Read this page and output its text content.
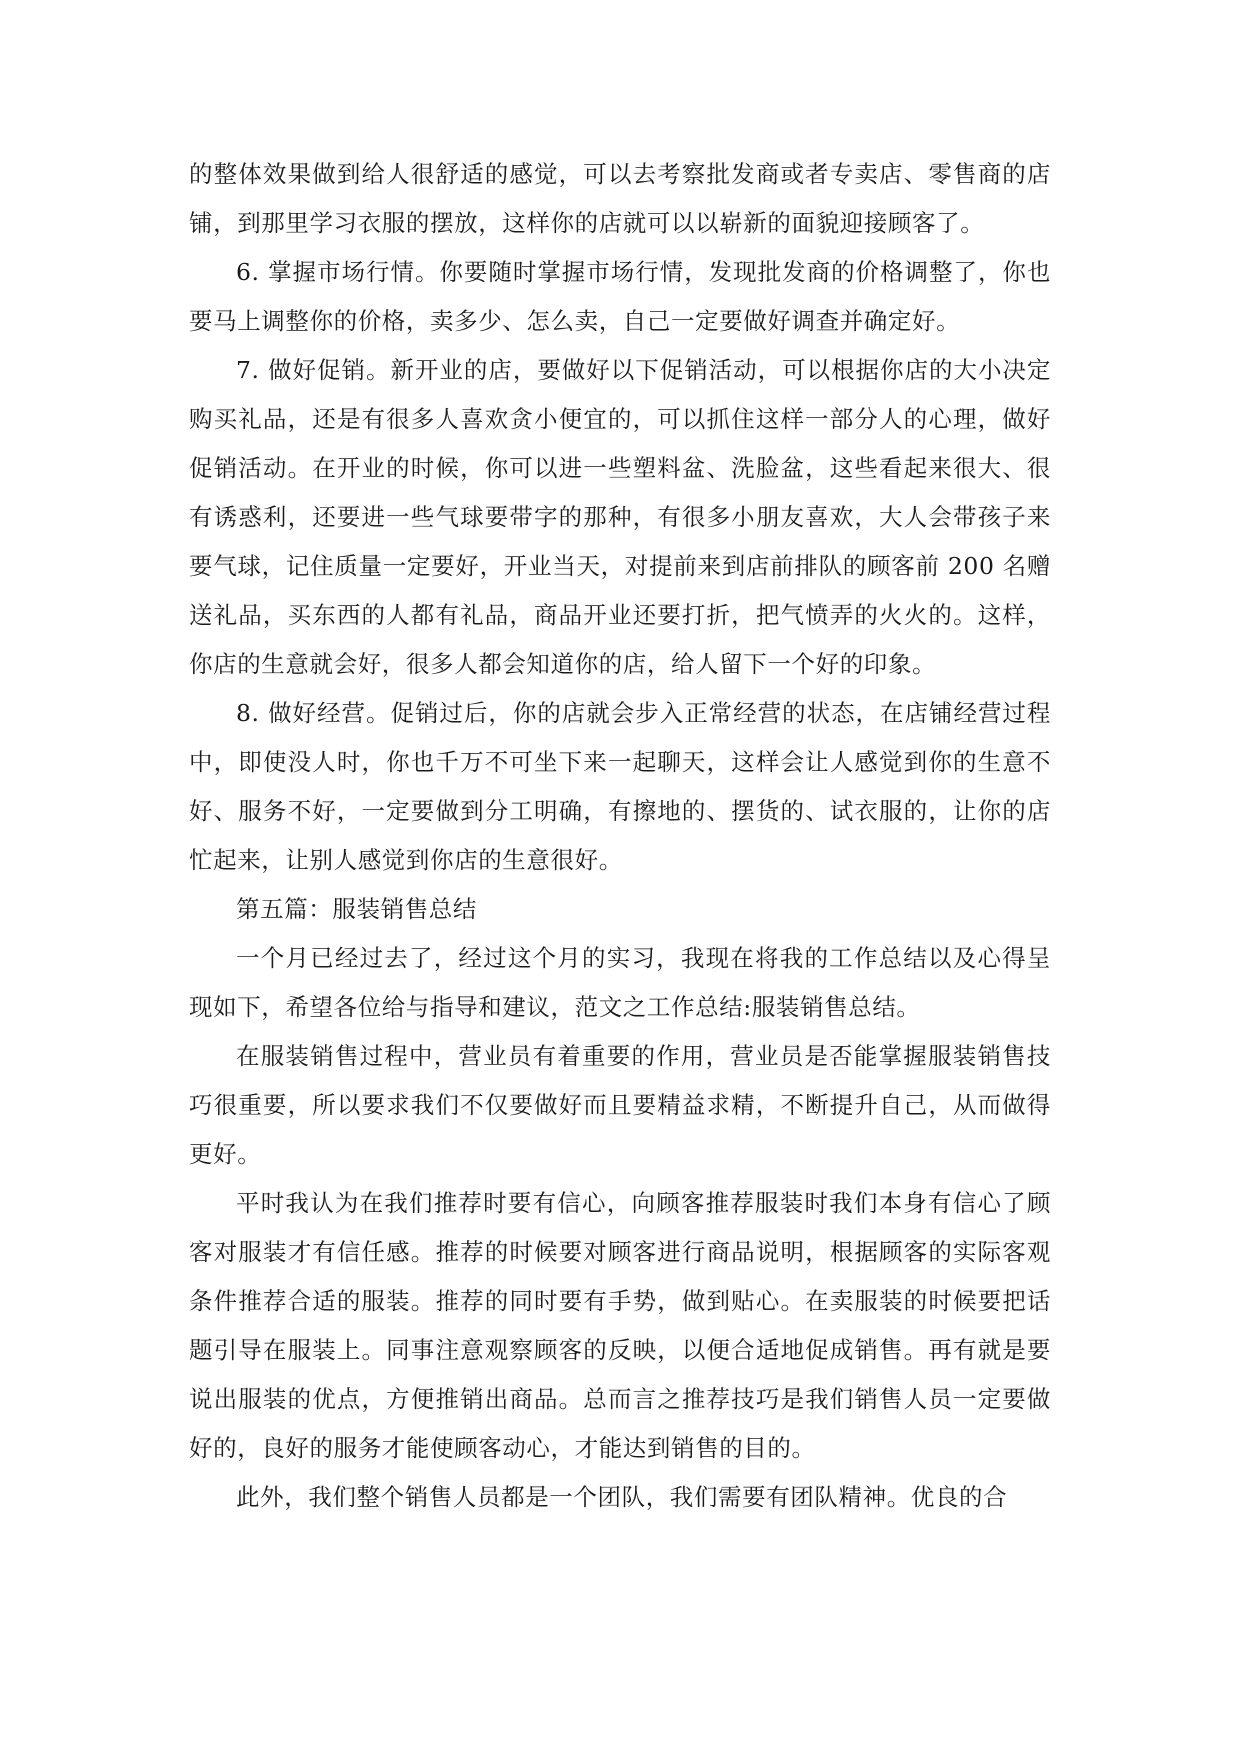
的整体效果做到给人很舒适的感觉，可以去考察批发商或者专卖店、零售商的店铺，到那里学习衣服的摆放，这样你的店就可以以崭新的面貌迎接顾客了。

6. 掌握市场行情。你要随时掌握市场行情，发现批发商的价格调整了，你也要马上调整你的价格，卖多少、怎么卖，自己一定要做好调查并确定好。

7. 做好促销。新开业的店，要做好以下促销活动，可以根据你店的大小决定购买礼品，还是有很多人喜欢贪小便宜的，可以抓住这样一部分人的心理，做好促销活动。在开业的时候，你可以进一些塑料盆、洗脸盆，这些看起来很大、很有诱惑利，还要进一些气球要带字的那种，有很多小朋友喜欢，大人会带孩子来要气球，记住质量一定要好，开业当天，对提前来到店前排队的顾客前 200 名赠送礼品，买东西的人都有礼品，商品开业还要打折，把气愤弄的火火的。这样，你店的生意就会好，很多人都会知道你的店，给人留下一个好的印象。

8. 做好经营。促销过后，你的店就会步入正常经营的状态，在店铺经营过程中，即使没人时，你也千万不可坐下来一起聊天，这样会让人感觉到你的生意不好、服务不好，一定要做到分工明确，有擦地的、摆货的、试衣服的，让你的店忙起来，让别人感觉到你店的生意很好。

第五篇：服装销售总结

一个月已经过去了，经过这个月的实习，我现在将我的工作总结以及心得呈现如下，希望各位给与指导和建议，范文之工作总结:服装销售总结。

在服装销售过程中，营业员有着重要的作用，营业员是否能掌握服装销售技巧很重要，所以要求我们不仅要做好而且要精益求精，不断提升自己，从而做得更好。

平时我认为在我们推荐时要有信心，向顾客推荐服装时我们本身有信心了顾客对服装才有信任感。推荐的时候要对顾客进行商品说明，根据顾客的实际客观条件推荐合适的服装。推荐的同时要有手势，做到贴心。在卖服装的时候要把话题引导在服装上。同事注意观察顾客的反映，以便合适地促成销售。再有就是要说出服装的优点，方便推销出商品。总而言之推荐技巧是我们销售人员一定要做好的，良好的服务才能使顾客动心，才能达到销售的目的。

此外，我们整个销售人员都是一个团队，我们需要有团队精神。优良的合
